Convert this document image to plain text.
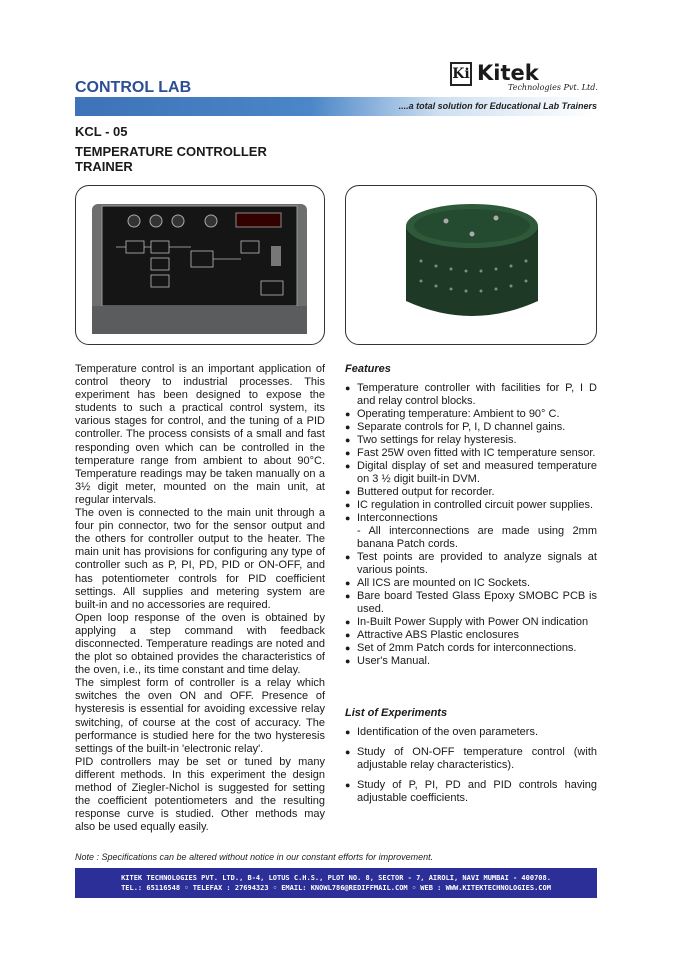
CONTROL LAB
Ki Kitek
Technologies Pvt. Ltd.
....a total solution for Educational Lab Trainers
KCL - 05
TEMPERATURE CONTROLLER
TRAINER

Temperature control is an important application of control theory to industrial processes. This experiment has been designed to expose the students to such a practical control system, its various stages for control, and the tuning of a PID controller. The process consists of a small and fast responding oven which can be controlled in the temperature range from ambient to about 90°C. Temperature readings may be taken manually on a 3½ digit meter, mounted on the main unit, at regular intervals.

The oven is connected to the main unit through a four pin connector, two for the sensor output and the others for controller output to the heater. The main unit has provisions for configuring any type of controller such as P, PI, PD, PID or ON-OFF, and has potentiometer controls for PID coefficient settings. All supplies and metering system are built-in and no accessories are required.

Open loop response of the oven is obtained by applying a step command with feedback disconnected. Temperature readings are noted and the plot so obtained provides the characteristics of the oven, i.e., its time constant and time delay.

The simplest form of controller is a relay which switches the oven ON and OFF. Presence of hysteresis is essential for avoiding excessive relay switching, of course at the cost of accuracy. The performance is studied here for the two hysteresis settings of the built-in 'electronic relay'.

PID controllers may be set or tuned by many different methods. In this experiment the design method of Ziegler-Nichol is suggested for setting the coefficient potentiometers and the resulting response curve is studied. Other methods may also be used equally easily.

Features
● Temperature controller with facilities for P, I D and relay control blocks.
● Operating temperature: Ambient to 90° C.
● Separate controls for P, I, D channel gains.
● Two settings for relay hysteresis.
● Fast 25W oven fitted with IC temperature sensor.
● Digital display of set and measured temperature on 3 ½ digit built-in DVM.
● Buttered output for recorder.
● IC regulation in controlled circuit power supplies.
● Interconnections
- All interconnections are made using 2mm banana Patch cords.
● Test points are provided to analyze signals at various points.
● All ICS are mounted on IC Sockets.
● Bare board Tested Glass Epoxy SMOBC PCB is used.
● In-Built Power Supply with Power ON indication
● Attractive ABS Plastic enclosures
● Set of 2mm Patch cords for interconnections.
● User's Manual.
List of Experiments
● Identification of the oven parameters.
● Study of ON-OFF temperature control (with adjustable relay characteristics).
● Study of P, PI, PD and PID controls having adjustable coefficients.
Note : Specifications can be altered without notice in our constant efforts for improvement.
KITEK TECHNOLOGIES PVT. LTD., B-4, LOTUS C.H.S., PLOT NO. 8, SECTOR - 7, AIROLI, NAVI MUMBAI - 400708.
TEL.: 65116548 ◦ TELEFAX : 27694323 ◦ EMAIL: KNOWL786@REDIFFMAIL.COM ◦ WEB : WWW.KITEKTECHNOLOGIES.COM
